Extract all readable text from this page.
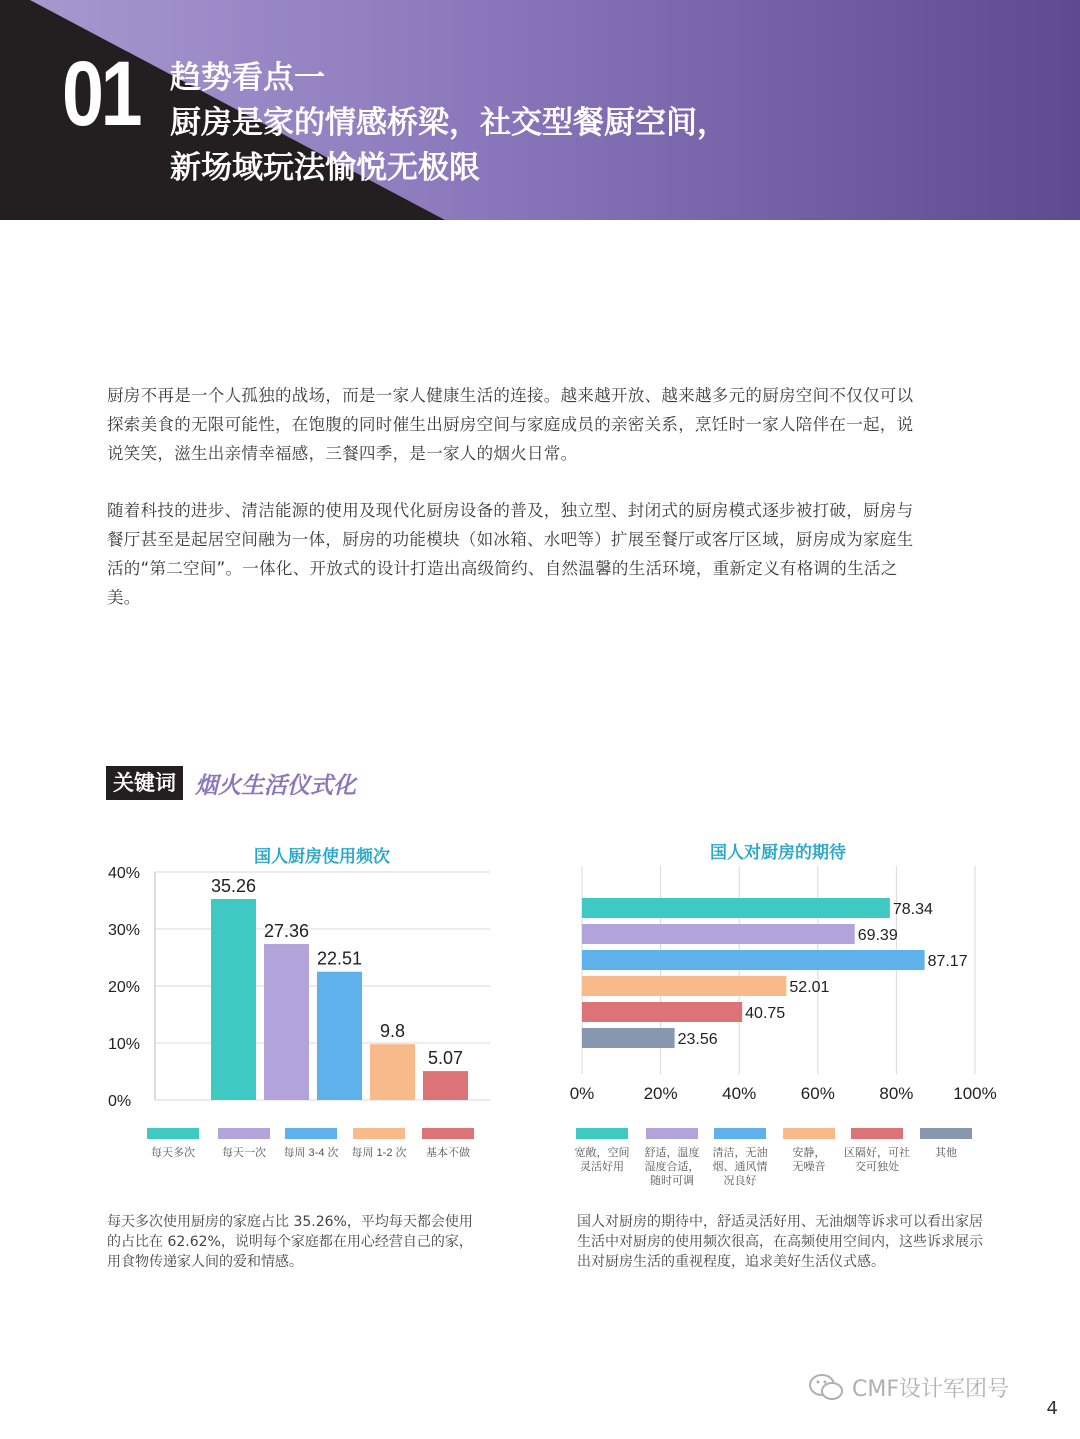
01 趋势看点一
厨房是家的情感桥梁，社交型餐厨空间，
新场域玩法愉悦无极限
厨房不再是一个人孤独的战场，而是一家人健康生活的连接。越来越开放、越来越多元的厨房空间不仅仅可以探索美食的无限可能性，在饱腹的同时催生出厨房空间与家庭成员的亲密关系，烹饪时一家人陪伴在一起，说说笑笑，滋生出亲情幸福感，三餐四季，是一家人的烟火日常。
随着科技的进步、清洁能源的使用及现代化厨房设备的普及，独立型、封闭式的厨房模式逐步被打破，厨房与餐厅甚至是起居空间融为一体，厨房的功能模块（如冰箱、水吧等）扩展至餐厅或客厅区域，厨房成为家庭生活的“第二空间”。一体化、开放式的设计打造出高级简约、自然温馨的生活环境，重新定义有格调的生活之美。
关键词 烟火生活仪式化
国人厨房使用频次
0%
10%
20%
30%
40%
35.26
27.36
22.51
9.8
5.07
每天多次 每天一次 每周 3-4 次 每周 1-2 次 基本不做
国人对厨房的期待
0%	20%	40%	60%	80% 100%
78.34
69.39
87.17
52.01
40.75
23.56
宽敞，空间灵活好用
舒适，温度湿度合适，随时可调
清洁，无油烟、通风情况良好
安静，无噪音
区隔好，可社交可独处
其他
每天多次使用厨房的家庭占比 35.26%，平均每天都会使用的占比在 62.62%，说明每个家庭都在用心经营自己的家，用食物传递家人间的爱和情感。
国人对厨房的期待中，舒适灵活好用、无油烟等诉求可以看出家居生活中对厨房的使用频次很高，在高频使用空间内，这些诉求展示出对厨房生活的重视程度，追求美好生活仪式感。
CMF设计军团号
4
